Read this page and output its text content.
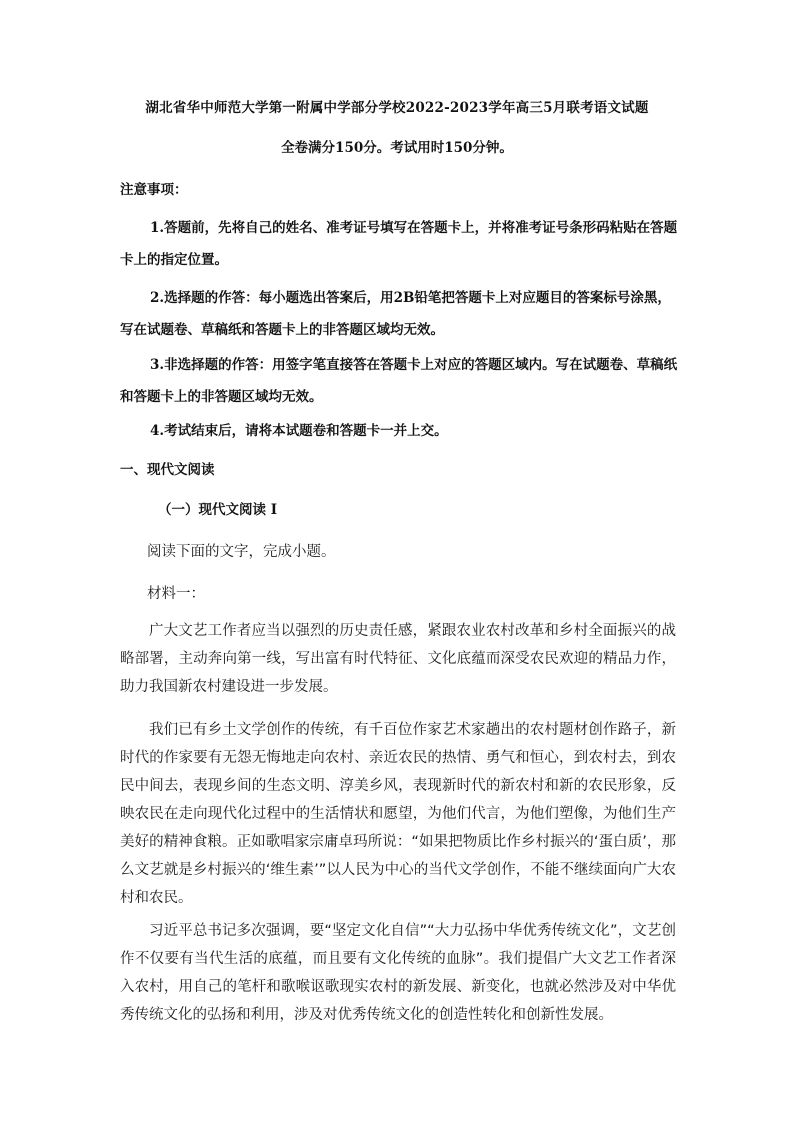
湖北省华中师范大学第一附属中学部分学校2022-2023学年高三5月联考语文试题
全卷满分150分。考试用时150分钟。
注意事项：

1.答题前，先将自己的姓名、准考证号填写在答题卡上，并将准考证号条形码粘贴在答题卡上的指定位置。

2.选择题的作答：每小题选出答案后，用2B铅笔把答题卡上对应题目的答案标号涂黑，写在试题卷、草稿纸和答题卡上的非答题区域均无效。

3.非选择题的作答：用签字笔直接答在答题卡上对应的答题区域内。写在试题卷、草稿纸和答题卡上的非答题区域均无效。

4.考试结束后，请将本试题卷和答题卡一并上交。

一、现代文阅读
（一）现代文阅读 I
阅读下面的文字，完成小题。
材料一：

广大文艺工作者应当以强烈的历史责任感，紧跟农业农村改革和乡村全面振兴的战略部署，主动奔向第一线，写出富有时代特征、文化底蕴而深受农民欢迎的精品力作，助力我国新农村建设进一步发展。

我们已有乡土文学创作的传统，有千百位作家艺术家趟出的农村题材创作路子，新时代的作家要有无怨无悔地走向农村、亲近农民的热情、勇气和恒心，到农村去，到农民中间去，表现乡间的生态文明、淳美乡风，表现新时代的新农村和新的农民形象，反映农民在走向现代化过程中的生活情状和愿望，为他们代言，为他们塑像，为他们生产美好的精神食粮。正如歌唱家宗庸卓玛所说：“如果把物质比作乡村振兴的‘蛋白质’，那么文艺就是乡村振兴的‘维生素’”以人民为中心的当代文学创作，不能不继续面向广大农村和农民。

习近平总书记多次强调，要“坚定文化自信”“大力弘扬中华优秀传统文化”，文艺创作不仅要有当代生活的底蕴，而且要有文化传统的血脉”。我们提倡广大文艺工作者深入农村，用自己的笔杆和歌喉讴歌现实农村的新发展、新变化，也就必然涉及对中华优秀传统文化的弘扬和利用，涉及对优秀传统文化的创造性转化和创新性发展。
